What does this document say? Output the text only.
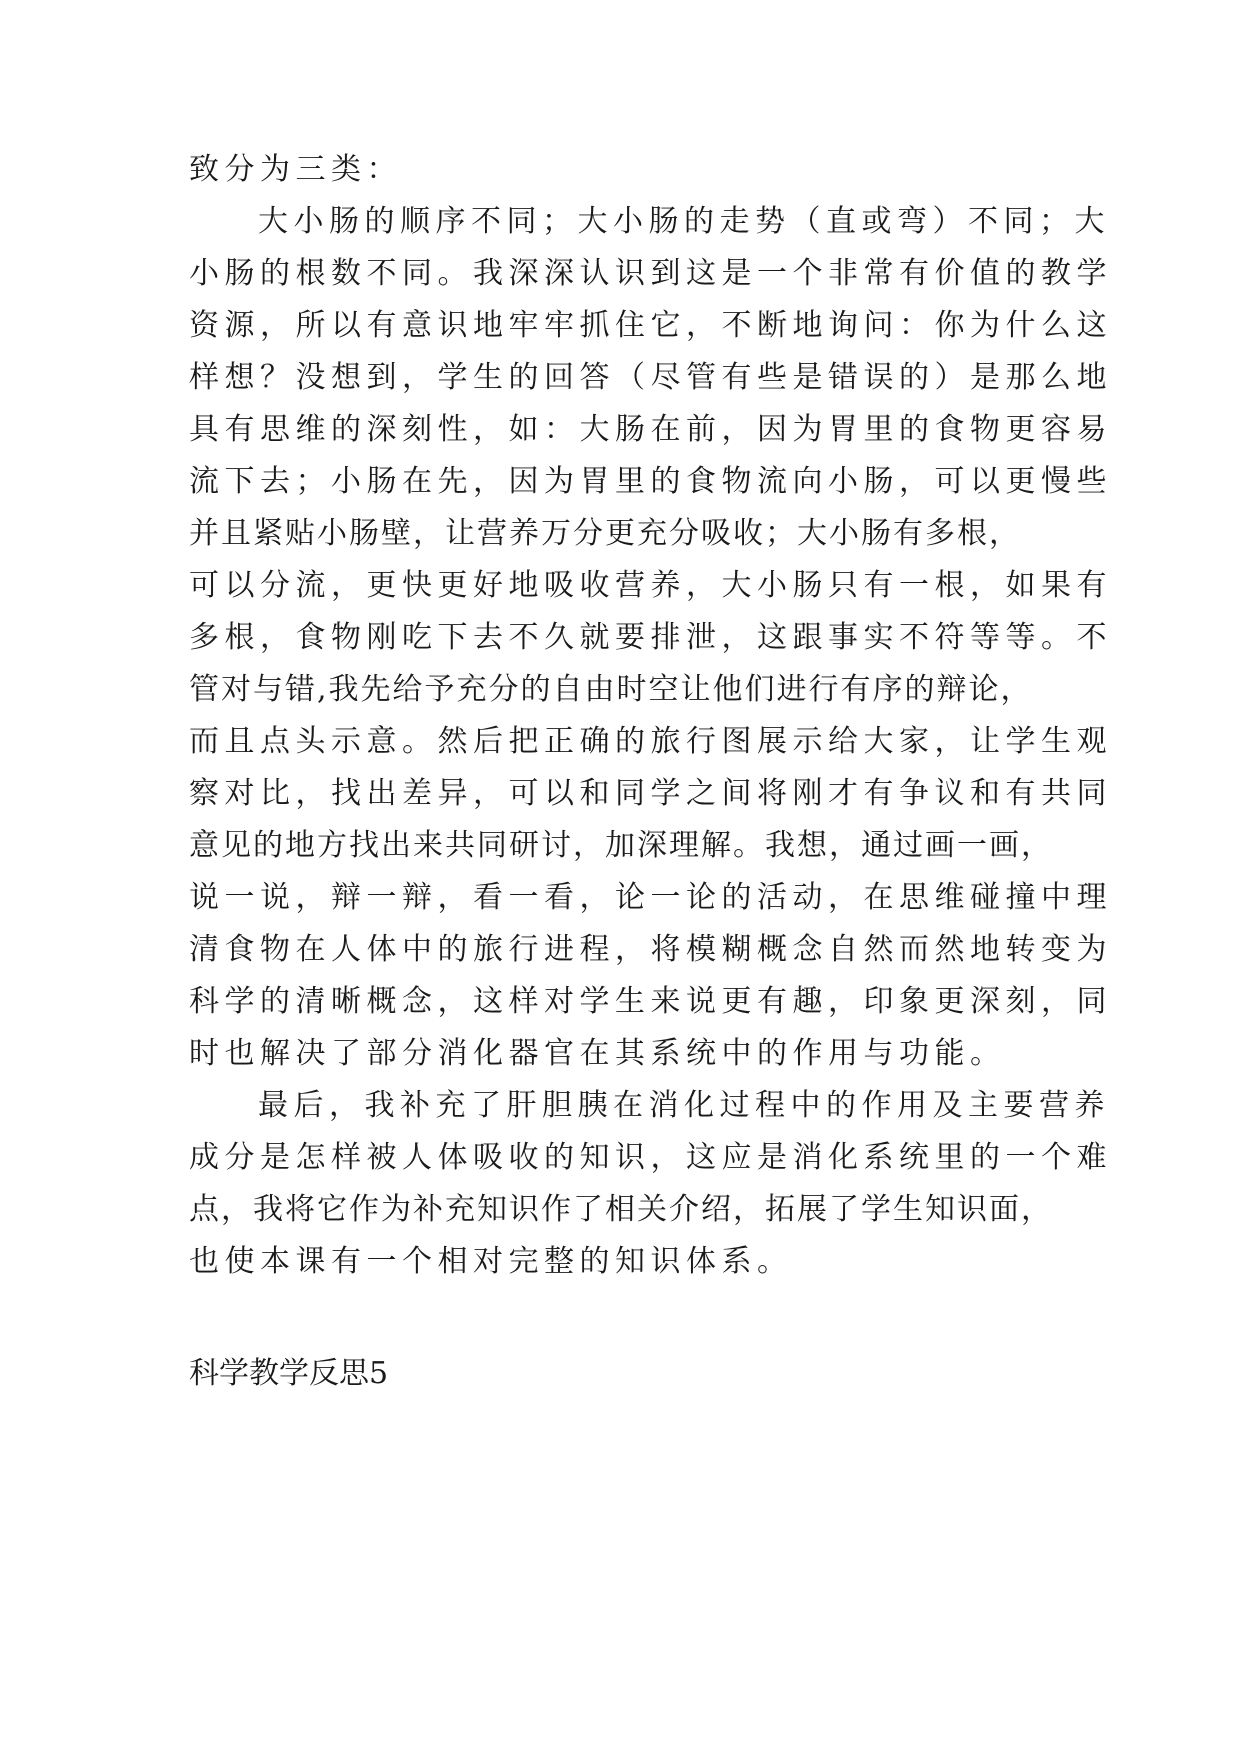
致分为三类：
大小肠的顺序不同；大小肠的走势（直或弯）不同；大
小肠的根数不同。我深深认识到这是一个非常有价值的教学
资源，所以有意识地牢牢抓住它，不断地询问：你为什么这
样想？没想到，学生的回答（尽管有些是错误的）是那么地
具有思维的深刻性，如：大肠在前，因为胃里的食物更容易
流下去；小肠在先，因为胃里的食物流向小肠，可以更慢些
并且紧贴小肠壁，让营养万分更充分吸收；大小肠有多根，
可以分流，更快更好地吸收营养，大小肠只有一根，如果有
多根，食物刚吃下去不久就要排泄，这跟事实不符等等。不
管对与错,我先给予充分的自由时空让他们进行有序的辩论，
而且点头示意。然后把正确的旅行图展示给大家，让学生观
察对比，找出差异，可以和同学之间将刚才有争议和有共同
意见的地方找出来共同研讨，加深理解。我想，通过画一画，
说一说，辩一辩，看一看，论一论的活动，在思维碰撞中理
清食物在人体中的旅行进程，将模糊概念自然而然地转变为
科学的清晰概念，这样对学生来说更有趣，印象更深刻，同
时也解决了部分消化器官在其系统中的作用与功能。
最后，我补充了肝胆胰在消化过程中的作用及主要营养
成分是怎样被人体吸收的知识，这应是消化系统里的一个难
点，我将它作为补充知识作了相关介绍，拓展了学生知识面，
也使本课有一个相对完整的知识体系。
科学教学反思5
